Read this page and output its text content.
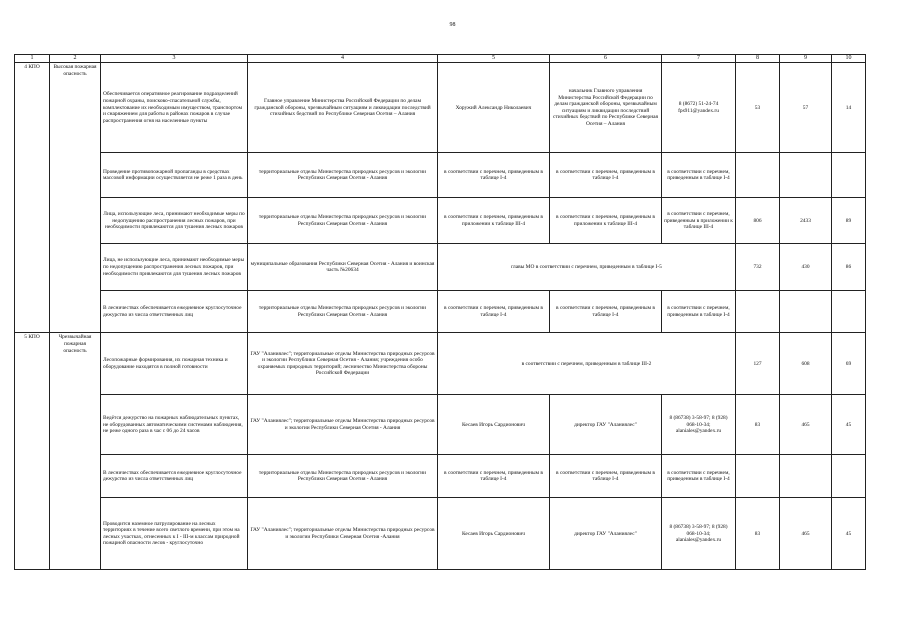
98
1	2	3	4	5	6	7	8	9	10
4 КПО	Высокая пожарная опасность	Обеспечивается оперативное реагирование подразделений пожарной охраны, поисково-спасательной службы, комплектование их необходимым имуществом, транспортом и снаряжением для работы в районах пожаров в случае распространения огня на населенные пункты	Главное управление Министерства Российской Федерации по делам гражданской обороны, чрезвычайным ситуациям и ликвидации последствий стихийных бедствий по Республике Северная Осетия – Алания	Хоружий Александр Николаевич	начальник Главного управления Министерства Российской Федерации по делам гражданской обороны, чрезвычайным ситуациям и ликвидации последствий стихийных бедствий по Республике Северная Осетия – Алания	8 (8672) 51-24-74 fps911@yandex.ru	53	57	14
		Проведение противопожарной пропаганды в средствах массовой информации осуществляется не реже 1 раза в день	территориальные отделы Министерства природных ресурсов и экологии Республики Северная Осетия - Алания	в соответствии с перечнем, приведенным в таблице I-4	в соответствии с перечнем, приведенным в таблице I-4	в соответствии с перечнем, приведенным в таблице I-4			
		Лица, использующие леса, принимают необходимые меры по недопущению распространения лесных пожаров, при необходимости привлекаются для тушения лесных пожаров	территориальные отделы Министерства природных ресурсов и экологии Республики Северная Осетия - Алания	в соответствии с перечнем, приведенным в приложении к таблице III-4	в соответствии с перечнем, приведенным в приложении к таблице III-4	в соответствии с перечнем, приведенным в приложении к таблице III-4	806	2433	89
		Лица, не использующие леса, принимают необходимые меры по недопущению распространения лесных пожаров, при необходимости привлекаются для тушения лесных пожаров	муниципальные образования Республики Северная Осетия - Алания и воинская часть №20634	главы МО в соответствии с перечнем, приведенным в таблице I-5			732	430	86
		В лесничествах обеспечивается ежедневное круглосуточное дежурство из числа ответственных лиц	территориальные отделы Министерства природных ресурсов и экологии Республики Северная Осетия - Алания	в соответствии с перечнем, приведенным в таблице I-4	в соответствии с перечнем, приведенным в таблице I-4	в соответствии с перечнем, приведенным в таблице I-4			
5 КПО	Чрезвычайная пожарная опасность	Лесопожарные формирования, их пожарная техника и оборудование находятся в полной готовности	ГАУ "Аланиялес"; территориальные отделы Министерства природных ресурсов и экологии Республики Северная Осетия - Алания; учреждения особо охраняемых природных территорий; лесничество Министерства обороны Российской Федерации	в соответствии с перечнем, приведенным в таблице III-2			127	608	69
		Ведётся дежурство на пожарных наблюдательных пунктах, не оборудованных автоматическими системами наблюдения, не реже одного раза в час с 06 до 24 часов	ГАУ "Аланиялес"; территориальные отделы Министерства природных ресурсов и экологии Республики Северная Осетия - Алания	Кесаев Игорь Сардионович	директор ГАУ "Аланиялес"	8 (86738) 3-58-97; 8 (928) 068-10-34; alaniales@yandex.ru	83	465	45
		В лесничествах обеспечивается ежедневное круглосуточное дежурство из числа ответственных лиц	территориальные отделы Министерства природных ресурсов и экологии Республики Северная Осетия - Алания	в соответствии с перечнем, приведенным в таблице I-4	в соответствии с перечнем, приведенным в таблице I-4	в соответствии с перечнем, приведенным в таблице I-4			
		Проводится наземное патрулирование на лесных территориях в течение всего светлого времени, при этом на лесных участках, отнесенных к I - III-м классам природной пожарной опасности лесов - круглосуточно	ГАУ "Аланиялес"; территориальные отделы Министерства природных ресурсов и экологии Республики Северная Осетия -Алания	Кесаев Игорь Сардионович	директор ГАУ "Аланиялес"	8 (86738) 3-58-97; 8 (928) 068-10-34; alaniales@yandex.ru	83	465	45
